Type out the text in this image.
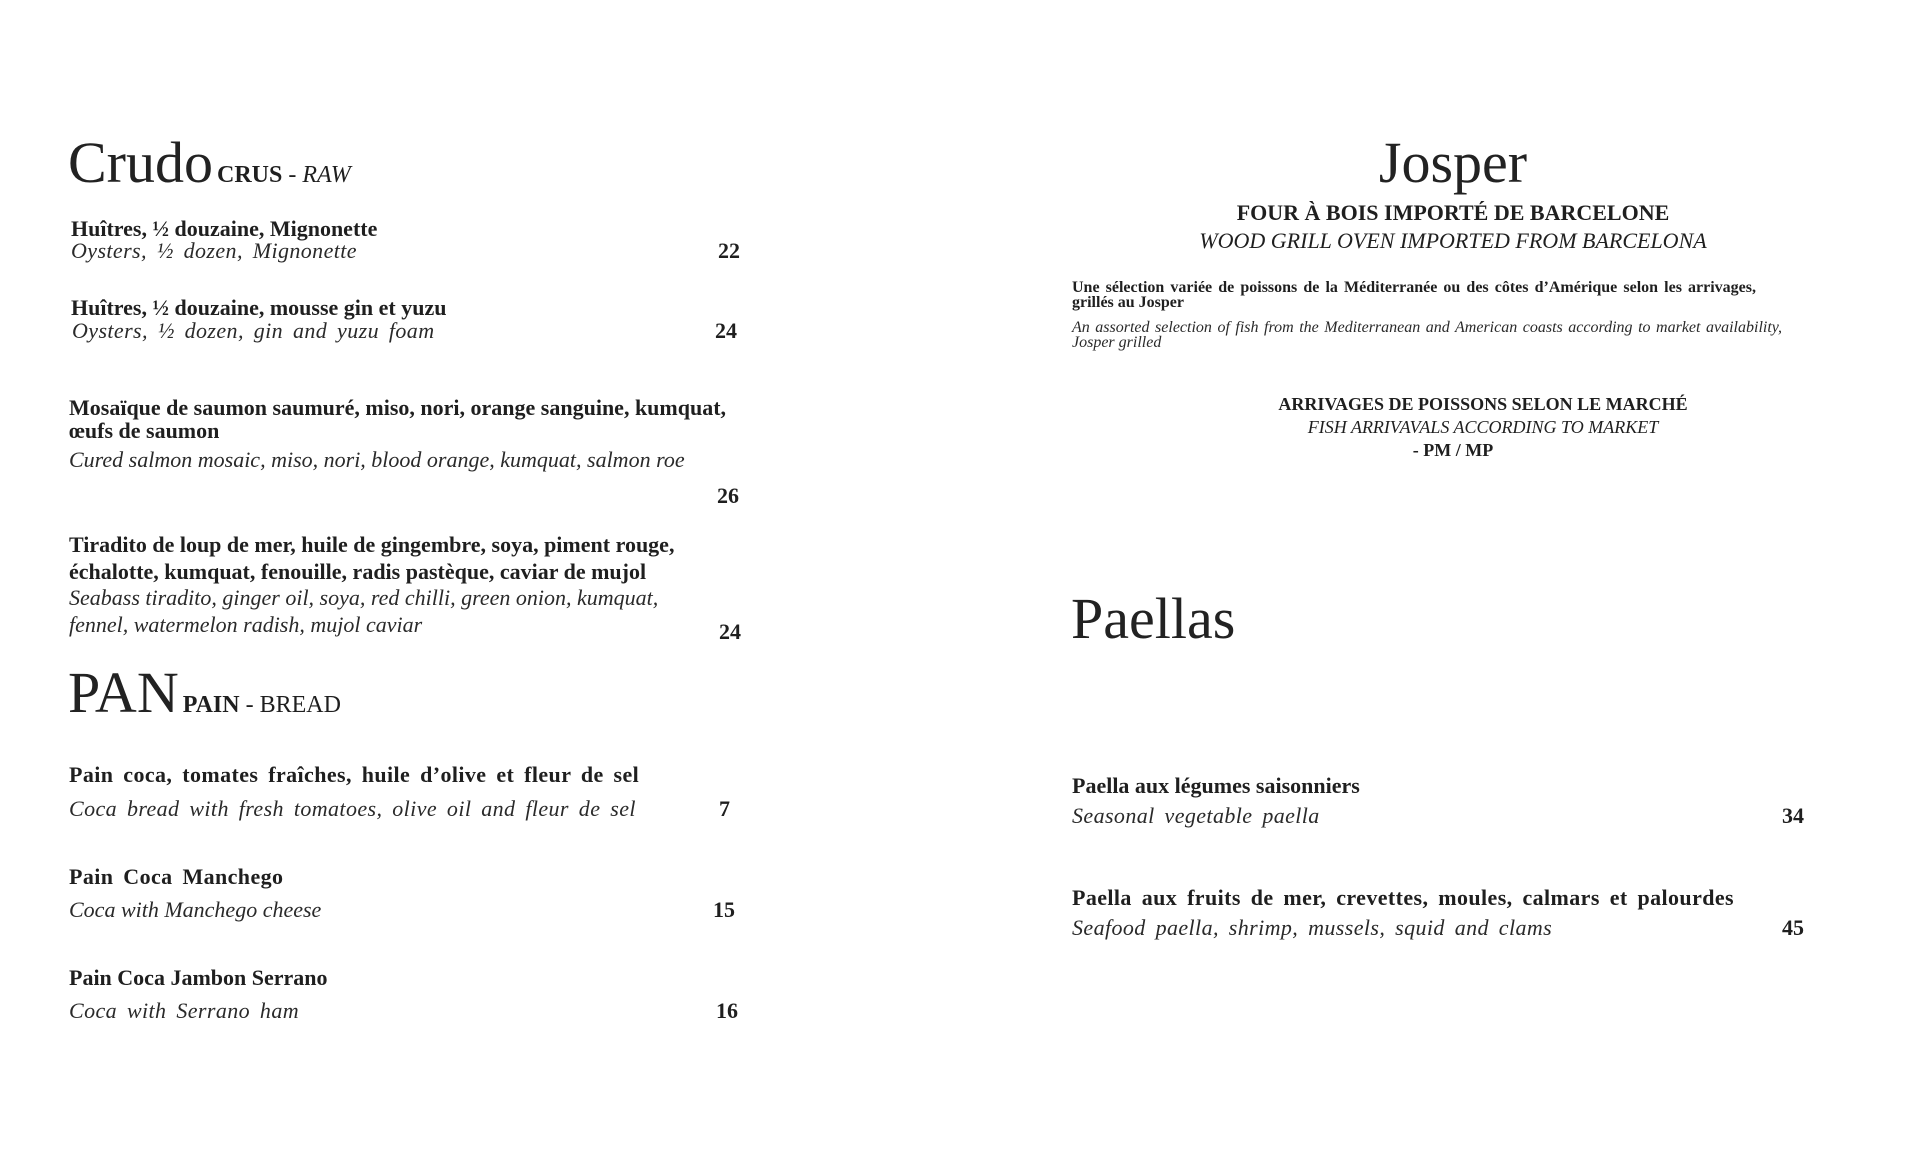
Crudo CRUS - RAW
Huîtres, ½ douzaine, Mignonette
Oysters, ½ dozen, Mignonette	22
Huîtres, ½ douzaine, mousse gin et yuzu
Oysters, ½ dozen, gin and yuzu foam	24
Mosaïque de saumon saumuré, miso, nori, orange sanguine, kumquat,
œufs de saumon
Cured salmon mosaic, miso, nori, blood orange, kumquat, salmon roe
26
Tiradito de loup de mer, huile de gingembre, soya, piment rouge,
échalotte, kumquat, fenouille, radis pastèque, caviar de mujol
Seabass tiradito, ginger oil, soya, red chilli, green onion, kumquat,
fennel, watermelon radish, mujol caviar	24
PAN PAIN - BREAD
Pain coca, tomates fraîches, huile d’olive et fleur de sel
Coca bread with fresh tomatoes, olive oil and fleur de sel	7
Pain Coca Manchego
Coca with Manchego cheese	15
Pain Coca Jambon Serrano
Coca with Serrano ham	16
Josper
FOUR À BOIS IMPORTÉ DE BARCELONE
WOOD GRILL OVEN IMPORTED FROM BARCELONA
Une sélection variée de poissons de la Méditerranée ou des côtes d’Amérique selon les arrivages, grillés au Josper
An assorted selection of fish from the Mediterranean and American coasts according to market availability, Josper grilled
ARRIVAGES DE POISSONS SELON LE MARCHÉ
FISH ARRIVAVALS ACCORDING TO MARKET
- PM / MP
Paellas
Paella aux légumes saisonniers
Seasonal vegetable paella	34
Paella aux fruits de mer, crevettes, moules, calmars et palourdes
Seafood paella, shrimp, mussels, squid and clams	45
